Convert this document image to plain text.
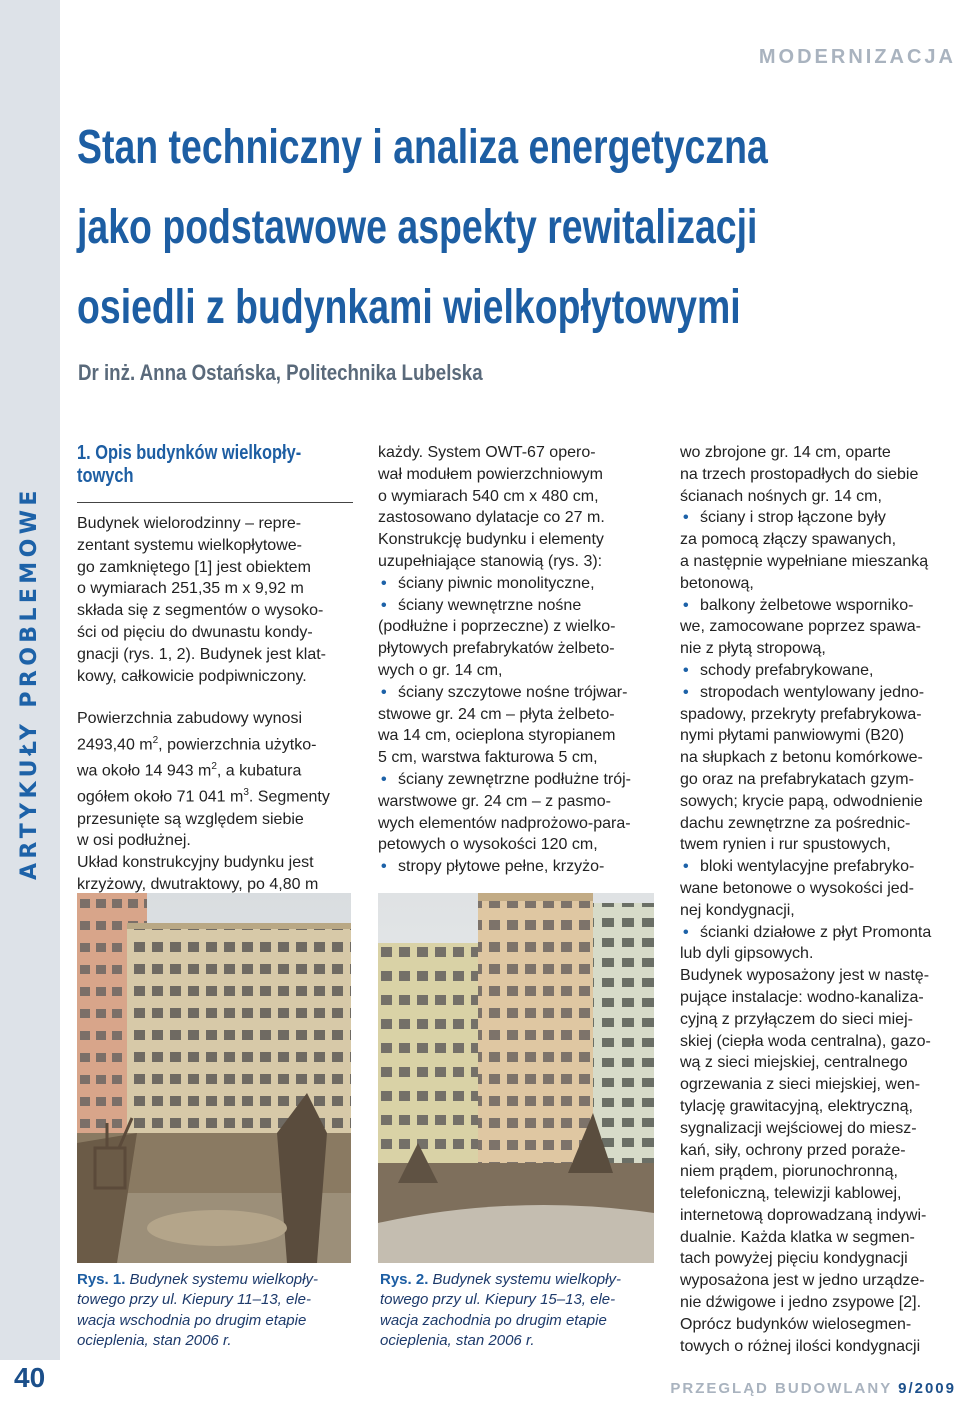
ARTYKUŁY PROBLEMOWE
40
MODERNIZACJA
Stan techniczny i analiza energetyczna
jako podstawowe aspekty rewitalizacji
osiedli z budynkami wielkopłytowymi
Dr inż. Anna Ostańska, Politechnika Lubelska
1. Opis budynków wielkopły-
towych
Budynek wielorodzinny – repre-
zentant systemu wielkopłytowe-
go zamkniętego [1] jest obiektem
o wymiarach 251,35 m x 9,92 m
składa się z segmentów o wysoko-
ści od pięciu do dwunastu kondy-
gnacji (rys. 1, 2). Budynek jest klat-
kowy, całkowicie podpiwniczony.
Powierzchnia zabudowy wynosi
2493,40 $m^2$, powierzchnia użytko-
wa około 14 943 $m^2$, a kubatura
ogółem około 71 041 $m^3$. Segmenty
przesunięte są względem siebie
w osi podłużnej.
Układ konstrukcyjny budynku jest
krzyżowy, dwutraktowy, po 4,80 m
każdy. System OWT-67 opero-
wał modułem powierzchniowym
o wymiarach 540 cm x 480 cm,
zastosowano dylatacje co 27 m.
Konstrukcję budynku i elementy
uzupełniające stanowią (rys. 3):
• ściany piwnic monolityczne,
• ściany wewnętrzne nośne
(podłużne i poprzeczne) z wielko-
płytowych prefabrykatów żelbeto-
wych o gr. 14 cm,
• ściany szczytowe nośne trójwar-
stwowe gr. 24 cm – płyta żelbeto-
wa 14 cm, ocieplona styropianem
5 cm, warstwa fakturowa 5 cm,
• ściany zewnętrzne podłużne trój-
warstwowe gr. 24 cm – z pasmo-
wych elementów nadprożowo-para-
petowych o wysokości 120 cm,
• stropy płytowe pełne, krzyżo-
wo zbrojone gr. 14 cm, oparte
na trzech prostopadłych do siebie
ścianach nośnych gr. 14 cm,
• ściany i strop łączone były
za pomocą złączy spawanych,
a następnie wypełniane mieszanką
betonową,
• balkony żelbetowe wsporniko-
we, zamocowane poprzez spawa-
nie z płytą stropową,
• schody prefabrykowane,
• stropodach wentylowany jedno-
spadowy, przekryty prefabrykowa-
nymi płytami panwiowymi (B20)
na słupkach z betonu komórkowe-
go oraz na prefabrykatach gzym-
sowych; krycie papą, odwodnienie
dachu zewnętrzne za pośrednic-
twem rynien i rur spustowych,
• bloki wentylacyjne prefabryko-
wane betonowe o wysokości jed-
nej kondygnacji,
• ścianki działowe z płyt Promonta
lub dyli gipsowych.
Budynek wyposażony jest w nastę-
pujące instalacje: wodno-kanaliza-
cyjną z przyłączem do sieci miej-
skiej (ciepła woda centralna), gazo-
wą z sieci miejskiej, centralnego
ogrzewania z sieci miejskiej, wen-
tylację grawitacyjną, elektryczną,
sygnalizacji wejściowej do miesz-
kań, siły, ochrony przed poraże-
niem prądem, piorunochronną,
telefoniczną, telewizji kablowej,
internetową doprowadzaną indywi-
dualnie. Każda klatka w segmen-
tach powyżej pięciu kondygnacji
wyposażona jest w jedno urządze-
nie dźwigowe i jedno zsypowe [2].
Oprócz budynków wielosegmen-
towych o różnej ilości kondygnacji
Rys. 1. Budynek systemu wielkopły-
towego przy ul. Kiepury 11–13, ele-
wacja wschodnia po drugim etapie
ocieplenia, stan 2006 r.
Rys. 2. Budynek systemu wielkopły-
towego przy ul. Kiepury 15–13, ele-
wacja zachodnia po drugim etapie
ocieplenia, stan 2006 r.
PRZEGLĄD BUDOWLANY 9/2009
